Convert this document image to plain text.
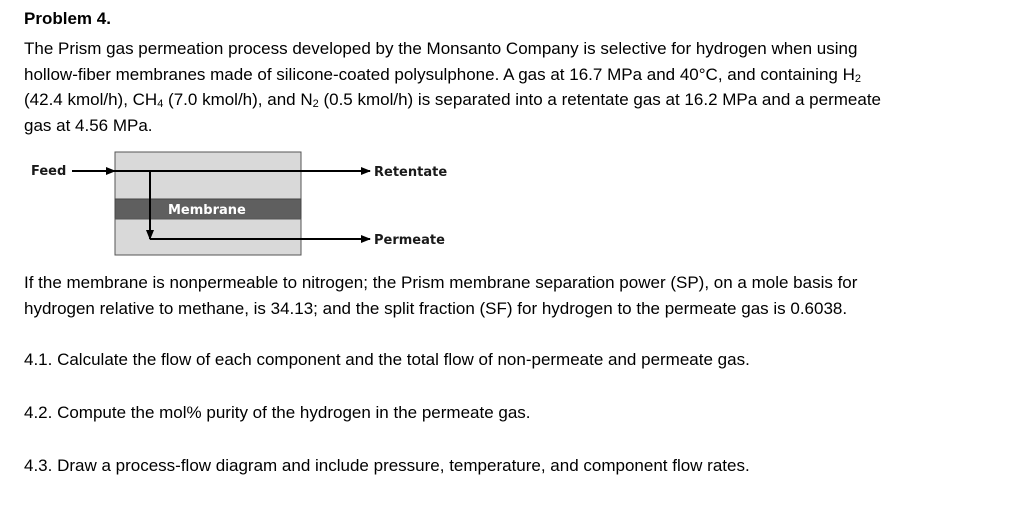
Problem 4.
The Prism gas permeation process developed by the Monsanto Company is selective for hydrogen when using
hollow-fiber membranes made of silicone-coated polysulphone. A gas at 16.7 MPa and 40°C, and containing $H_2$
(42.4 kmol/h), $CH_4$ (7.0 kmol/h), and $N_2$ (0.5 kmol/h) is separated into a retentate gas at 16.2 MPa and a permeate
gas at 4.56 MPa.
Feed
Membrane
Retentate
Permeate
If the membrane is nonpermeable to nitrogen; the Prism membrane separation power (SP), on a mole basis for
hydrogen relative to methane, is 34.13; and the split fraction (SF) for hydrogen to the permeate gas is 0.6038.
4.1. Calculate the flow of each component and the total flow of non-permeate and permeate gas.
4.2. Compute the mol% purity of the hydrogen in the permeate gas.
4.3. Draw a process-flow diagram and include pressure, temperature, and component flow rates.
